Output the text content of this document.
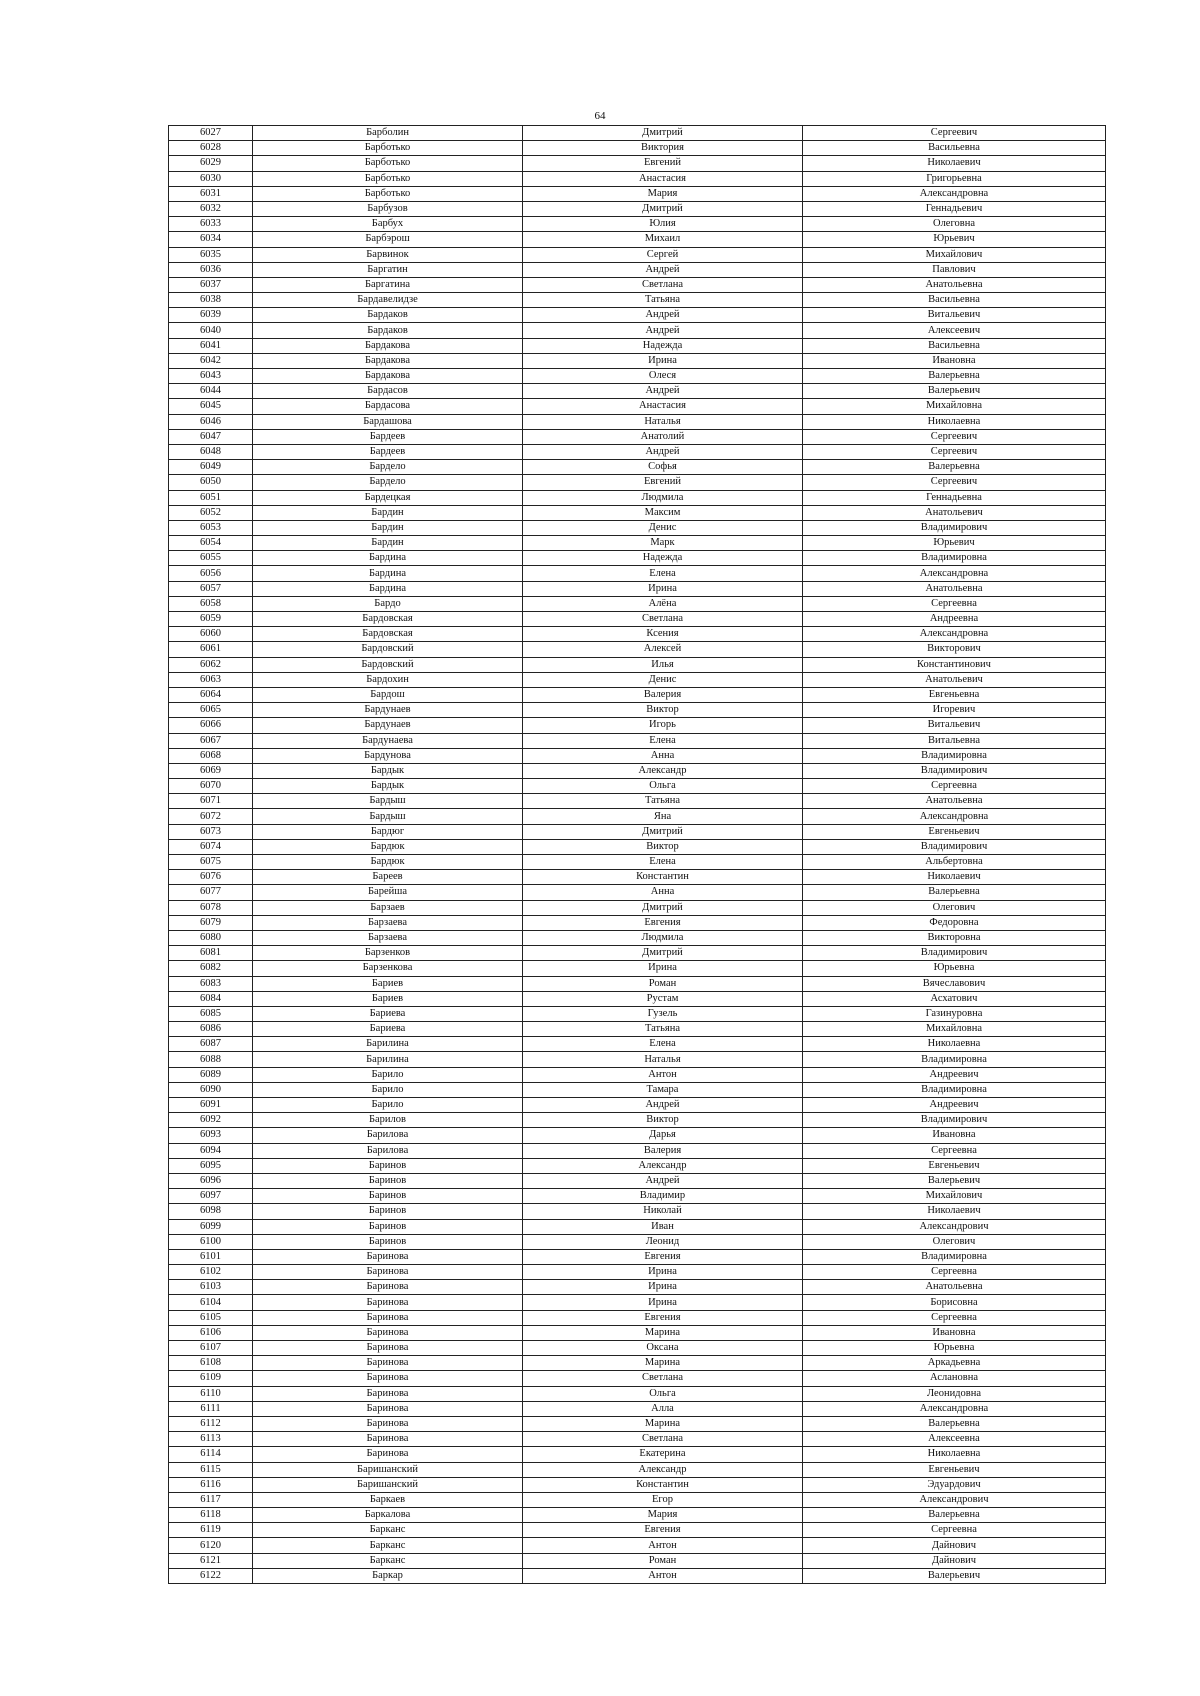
64
6027	Барболин	Дмитрий	Сергеевич
6028	Барботько	Виктория	Васильевна
6029	Барботько	Евгений	Николаевич
6030	Барботько	Анастасия	Григорьевна
6031	Барботько	Мария	Александровна
6032	Барбузов	Дмитрий	Геннадьевич
6033	Барбух	Юлия	Олеговна
6034	Барбэрош	Михаил	Юрьевич
6035	Барвинок	Сергей	Михайлович
6036	Баргатин	Андрей	Павлович
6037	Баргатина	Светлана	Анатольевна
6038	Бардавелидзе	Татьяна	Васильевна
6039	Бардаков	Андрей	Витальевич
6040	Бардаков	Андрей	Алексеевич
6041	Бардакова	Надежда	Васильевна
6042	Бардакова	Ирина	Ивановна
6043	Бардакова	Олеся	Валерьевна
6044	Бардасов	Андрей	Валерьевич
6045	Бардасова	Анастасия	Михайловна
6046	Бардашова	Наталья	Николаевна
6047	Бардеев	Анатолий	Сергеевич
6048	Бардеев	Андрей	Сергеевич
6049	Бардело	Софья	Валерьевна
6050	Бардело	Евгений	Сергеевич
6051	Бардецкая	Людмила	Геннадьевна
6052	Бардин	Максим	Анатольевич
6053	Бардин	Денис	Владимирович
6054	Бардин	Марк	Юрьевич
6055	Бардина	Надежда	Владимировна
6056	Бардина	Елена	Александровна
6057	Бардина	Ирина	Анатольевна
6058	Бардо	Алёна	Сергеевна
6059	Бардовская	Светлана	Андреевна
6060	Бардовская	Ксения	Александровна
6061	Бардовский	Алексей	Викторович
6062	Бардовский	Илья	Константинович
6063	Бардохин	Денис	Анатольевич
6064	Бардош	Валерия	Евгеньевна
6065	Бардунаев	Виктор	Игоревич
6066	Бардунаев	Игорь	Витальевич
6067	Бардунаева	Елена	Витальевна
6068	Бардунова	Анна	Владимировна
6069	Бардык	Александр	Владимирович
6070	Бардык	Ольга	Сергеевна
6071	Бардыш	Татьяна	Анатольевна
6072	Бардыш	Яна	Александровна
6073	Бардюг	Дмитрий	Евгеньевич
6074	Бардюк	Виктор	Владимирович
6075	Бардюк	Елена	Альбертовна
6076	Бареев	Константин	Николаевич
6077	Барейша	Анна	Валерьевна
6078	Барзаев	Дмитрий	Олегович
6079	Барзаева	Евгения	Федоровна
6080	Барзаева	Людмила	Викторовна
6081	Барзенков	Дмитрий	Владимирович
6082	Барзенкова	Ирина	Юрьевна
6083	Бариев	Роман	Вячеславович
6084	Бариев	Рустам	Асхатович
6085	Бариева	Гузель	Газинуровна
6086	Бариева	Татьяна	Михайловна
6087	Барилина	Елена	Николаевна
6088	Барилина	Наталья	Владимировна
6089	Барило	Антон	Андреевич
6090	Барило	Тамара	Владимировна
6091	Барило	Андрей	Андреевич
6092	Барилов	Виктор	Владимирович
6093	Барилова	Дарья	Ивановна
6094	Барилова	Валерия	Сергеевна
6095	Баринов	Александр	Евгеньевич
6096	Баринов	Андрей	Валерьевич
6097	Баринов	Владимир	Михайлович
6098	Баринов	Николай	Николаевич
6099	Баринов	Иван	Александрович
6100	Баринов	Леонид	Олегович
6101	Баринова	Евгения	Владимировна
6102	Баринова	Ирина	Сергеевна
6103	Баринова	Ирина	Анатольевна
6104	Баринова	Ирина	Борисовна
6105	Баринова	Евгения	Сергеевна
6106	Баринова	Марина	Ивановна
6107	Баринова	Оксана	Юрьевна
6108	Баринова	Марина	Аркадьевна
6109	Баринова	Светлана	Аслановна
6110	Баринова	Ольга	Леонидовна
6111	Баринова	Алла	Александровна
6112	Баринова	Марина	Валерьевна
6113	Баринова	Светлана	Алексеевна
6114	Баринова	Екатерина	Николаевна
6115	Баришанский	Александр	Евгеньевич
6116	Баришанский	Константин	Эдуардович
6117	Баркаев	Егор	Александрович
6118	Баркалова	Мария	Валерьевна
6119	Барканс	Евгения	Сергеевна
6120	Барканс	Антон	Дайнович
6121	Барканс	Роман	Дайнович
6122	Баркар	Антон	Валерьевич
